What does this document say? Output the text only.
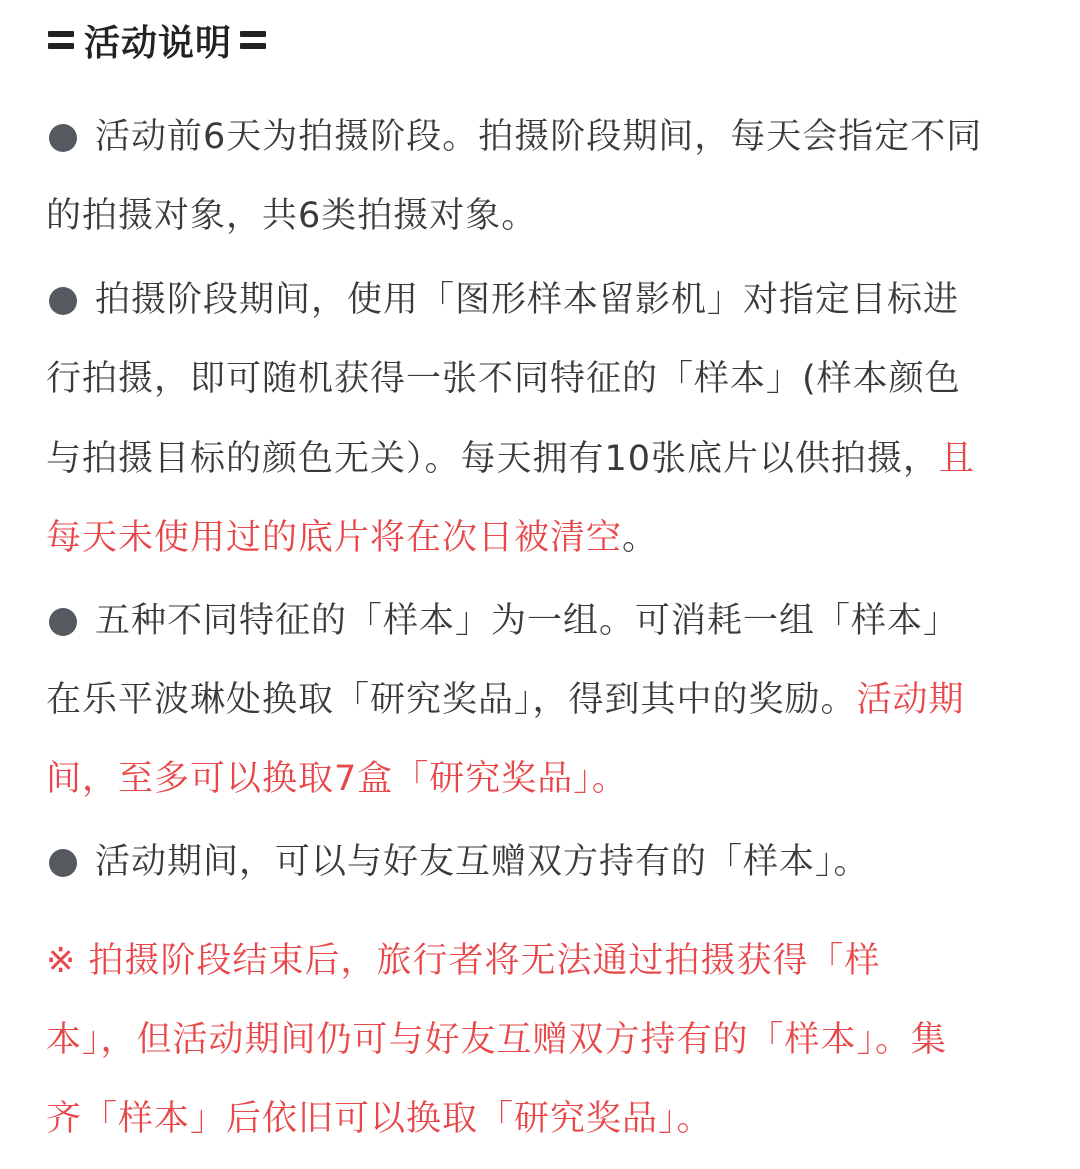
活动说明
活动前6天为拍摄阶段。拍摄阶段期间，每天会指定不同
的拍摄对象，共6类拍摄对象。
拍摄阶段期间，使用「图形样本留影机」对指定目标进
行拍摄，即可随机获得一张不同特征的「样本」(样本颜色
与拍摄目标的颜色无关）。每天拥有10张底片以供拍摄，且
每天未使用过的底片将在次日被清空。
五种不同特征的「样本」为一组。可消耗一组「样本」
在乐平波琳处换取「研究奖品」，得到其中的奖励。活动期
间，至多可以换取7盒「研究奖品」。
活动期间，可以与好友互赠双方持有的「样本」。
※ 拍摄阶段结束后，旅行者将无法通过拍摄获得「样
本」，但活动期间仍可与好友互赠双方持有的「样本」。集
齐「样本」后依旧可以换取「研究奖品」。
